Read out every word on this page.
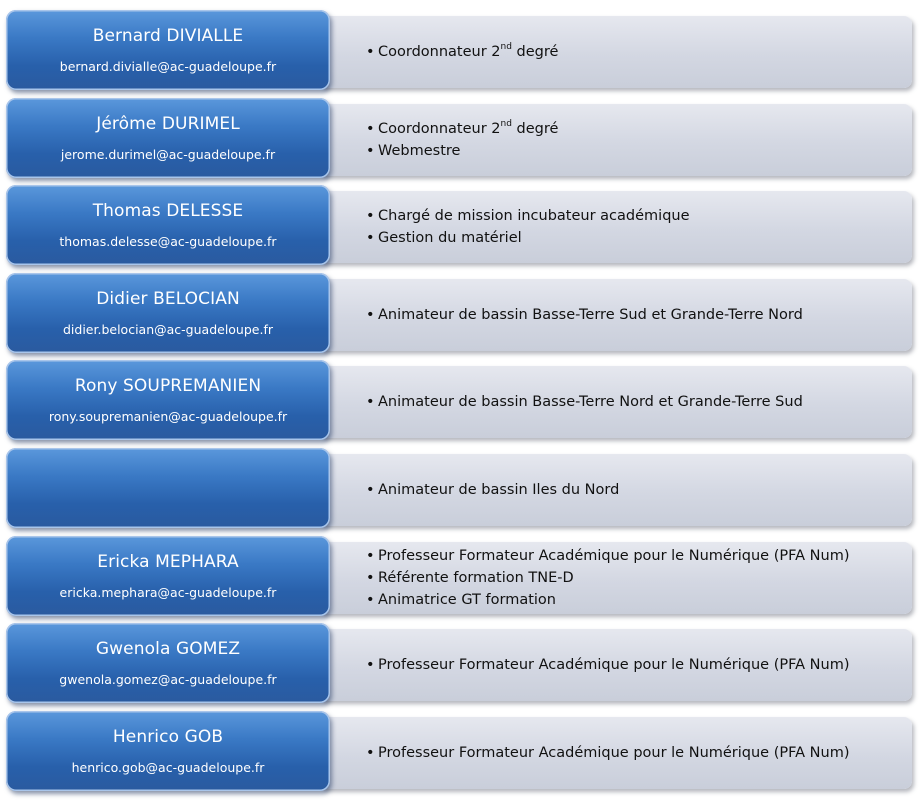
• Coordonnateur 2nd degré
Bernard DIVIALLE
bernard.divialle@ac-guadeloupe.fr
• Coordonnateur 2nd degré
• Webmestre
Jérôme DURIMEL
jerome.durimel@ac-guadeloupe.fr
• Chargé de mission incubateur académique
• Gestion du matériel
Thomas DELESSE
thomas.delesse@ac-guadeloupe.fr
• Animateur de bassin Basse-Terre Sud et Grande-Terre Nord
Didier BELOCIAN
didier.belocian@ac-guadeloupe.fr
• Animateur de bassin Basse-Terre Nord et Grande-Terre Sud
Rony SOUPREMANIEN
rony.soupremanien@ac-guadeloupe.fr
• Animateur de bassin Iles du Nord
• Professeur Formateur Académique pour le Numérique (PFA Num)
• Référente formation TNE-D
• Animatrice GT formation
Ericka MEPHARA
ericka.mephara@ac-guadeloupe.fr
• Professeur Formateur Académique pour le Numérique (PFA Num)
Gwenola GOMEZ
gwenola.gomez@ac-guadeloupe.fr
• Professeur Formateur Académique pour le Numérique (PFA Num)
Henrico GOB
henrico.gob@ac-guadeloupe.fr
